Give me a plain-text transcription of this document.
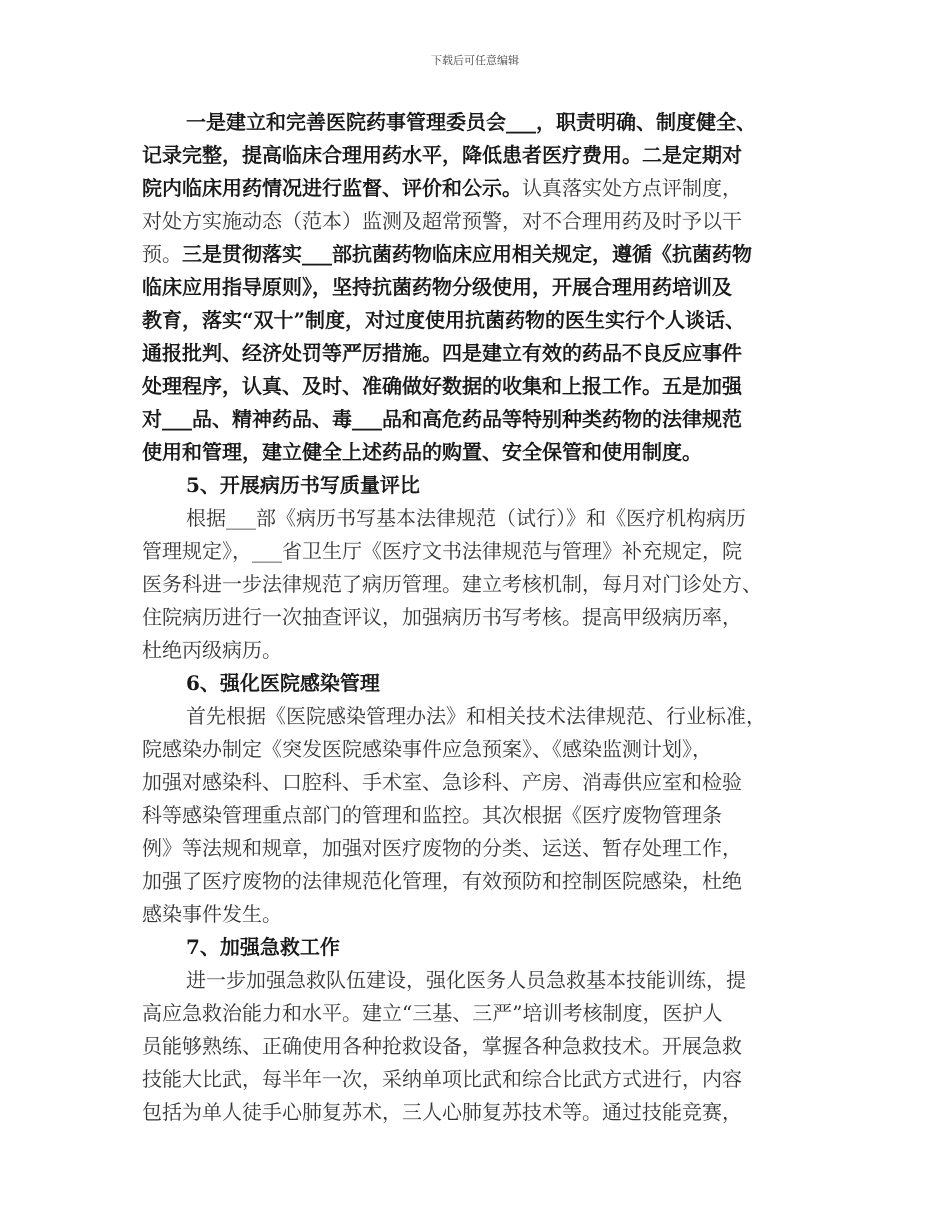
下载后可任意编辑
一是建立和完善医院药事管理委员会___，职责明确、制度健全、
记录完整，提高临床合理用药水平，降低患者医疗费用。二是定期对
院内临床用药情况进行监督、评价和公示。认真落实处方点评制度，
对处方实施动态（范本）监测及超常预警，对不合理用药及时予以干
预。三是贯彻落实___部抗菌药物临床应用相关规定，遵循《抗菌药物
临床应用指导原则》，坚持抗菌药物分级使用，开展合理用药培训及
教育，落实“双十”制度，对过度使用抗菌药物的医生实行个人谈话、
通报批判、经济处罚等严厉措施。四是建立有效的药品不良反应事件
处理程序，认真、及时、准确做好数据的收集和上报工作。五是加强
对___品、精神药品、毒___品和高危药品等特别种类药物的法律规范
使用和管理，建立健全上述药品的购置、安全保管和使用制度。
5、开展病历书写质量评比
根据___部《病历书写基本法律规范（试行）》和《医疗机构病历
管理规定》，___省卫生厅《医疗文书法律规范与管理》补充规定，院
医务科进一步法律规范了病历管理。建立考核机制，每月对门诊处方、
住院病历进行一次抽查评议，加强病历书写考核。提高甲级病历率，
杜绝丙级病历。
6、强化医院感染管理
首先根据《医院感染管理办法》和相关技术法律规范、行业标准，
院感染办制定《突发医院感染事件应急预案》、《感染监测计划》，
加强对感染科、口腔科、手术室、急诊科、产房、消毒供应室和检验
科等感染管理重点部门的管理和监控。其次根据《医疗废物管理条
例》等法规和规章，加强对医疗废物的分类、运送、暂存处理工作，
加强了医疗废物的法律规范化管理，有效预防和控制医院感染，杜绝
感染事件发生。
7、加强急救工作
进一步加强急救队伍建设，强化医务人员急救基本技能训练，提
高应急救治能力和水平。建立“三基、三严”培训考核制度，医护人
员能够熟练、正确使用各种抢救设备，掌握各种急救技术。开展急救
技能大比武，每半年一次，采纳单项比武和综合比武方式进行，内容
包括为单人徒手心肺复苏术，三人心肺复苏技术等。通过技能竞赛，
